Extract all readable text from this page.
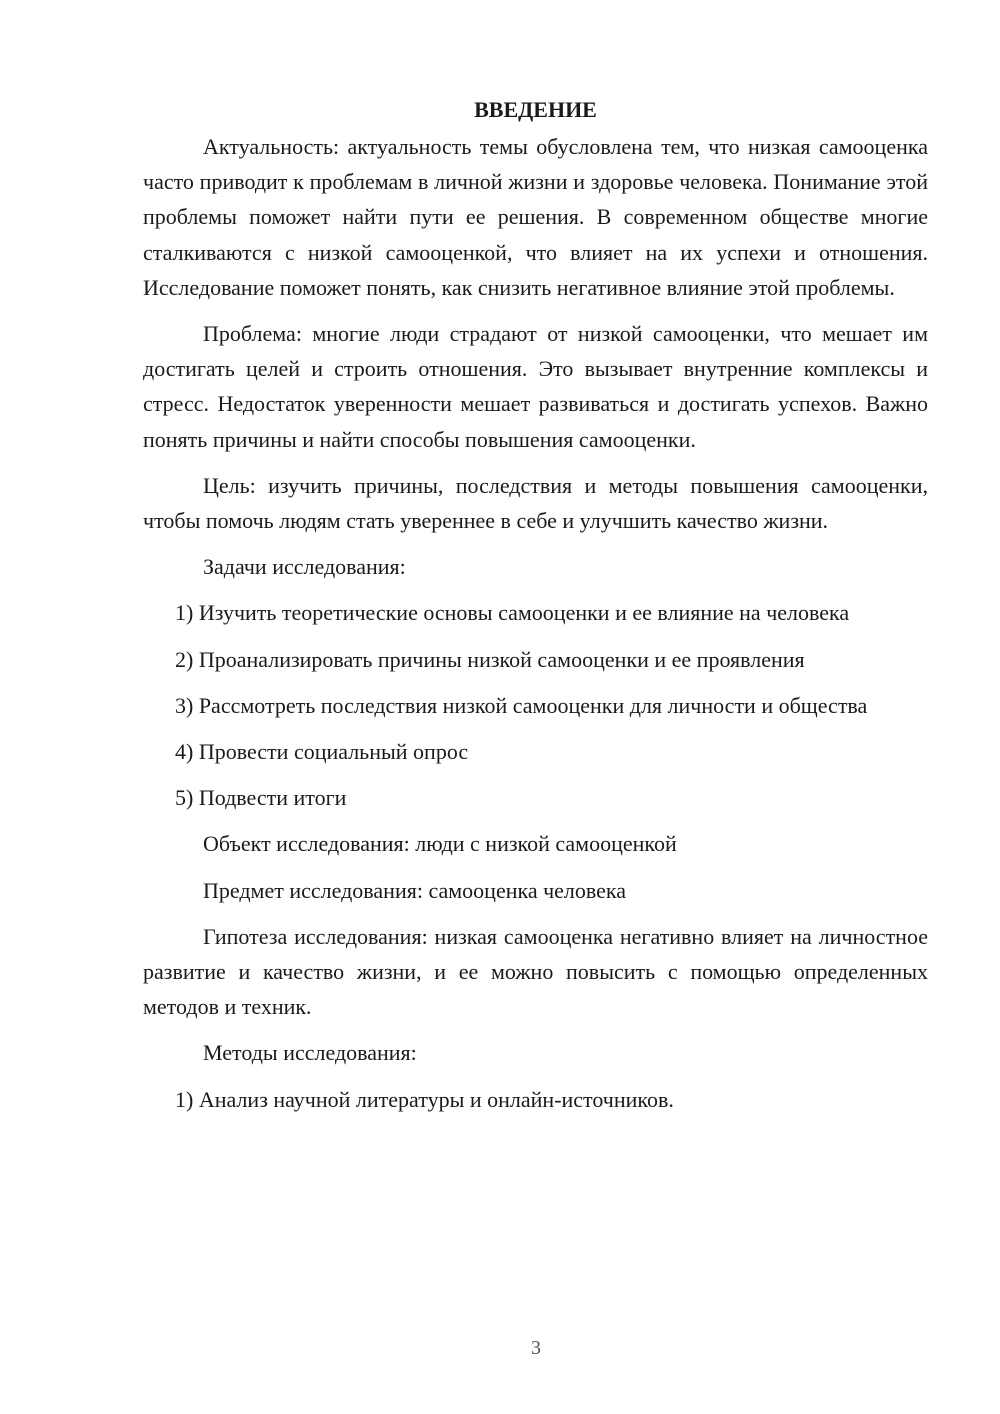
ВВЕДЕНИЕ

Актуальность: актуальность темы обусловлена тем, что низкая самооценка часто приводит к проблемам в личной жизни и здоровье человека. Понимание этой проблемы поможет найти пути ее решения. В современном обществе многие сталкиваются с низкой самооценкой, что влияет на их успехи и отношения. Исследование поможет понять, как снизить негативное влияние этой проблемы.

Проблема: многие люди страдают от низкой самооценки, что мешает им достигать целей и строить отношения. Это вызывает внутренние комплексы и стресс. Недостаток уверенности мешает развиваться и достигать успехов. Важно понять причины и найти способы повышения самооценки.

Цель: изучить причины, последствия и методы повышения самооценки, чтобы помочь людям стать увереннее в себе и улучшить качество жизни.

Задачи исследования:

1) Изучить теоретические основы самооценки и ее влияние на человека

2) Проанализировать причины низкой самооценки и ее проявления

3) Рассмотреть последствия низкой самооценки для личности и общества

4) Провести социальный опрос

5) Подвести итоги

Объект исследования: люди с низкой самооценкой

Предмет исследования: самооценка человека

Гипотеза исследования: низкая самооценка негативно влияет на личностное развитие и качество жизни, и ее можно повысить с помощью определенных методов и техник.

Методы исследования:

1) Анализ научной литературы и онлайн-источников.

3
